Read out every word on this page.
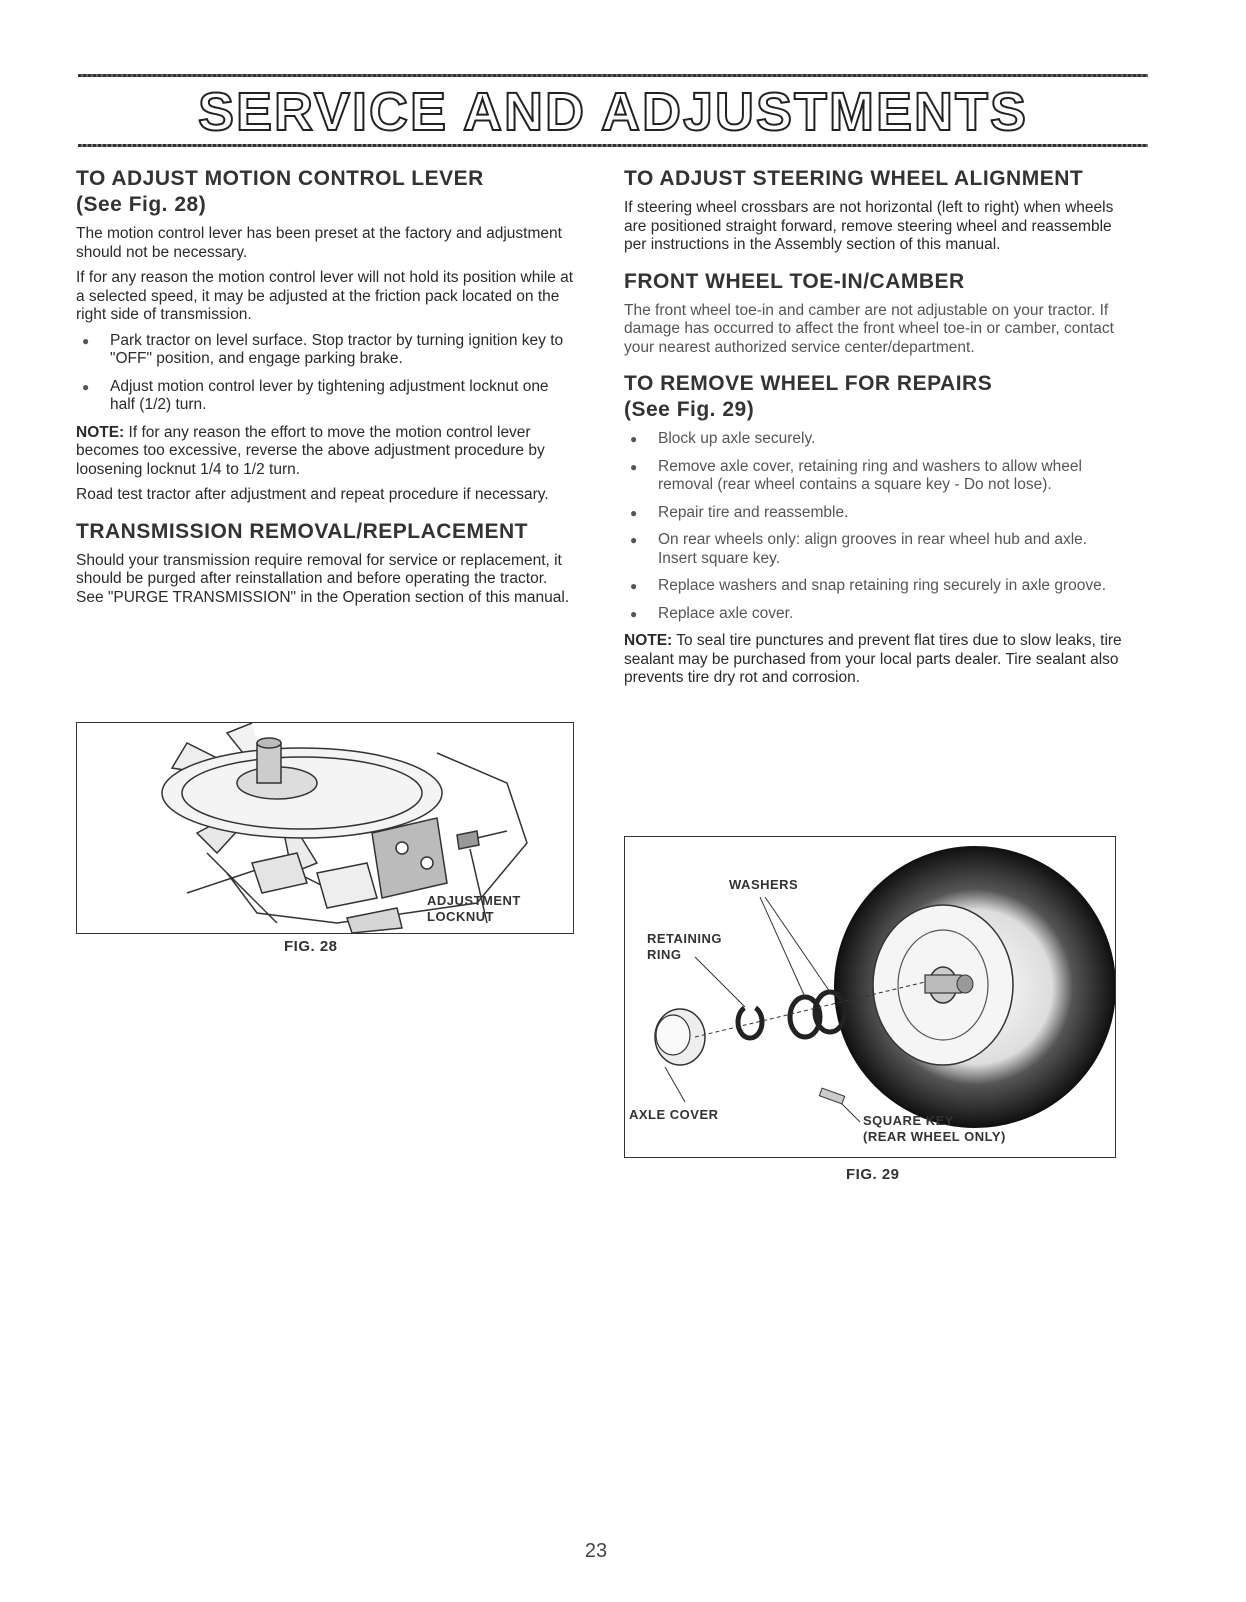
SERVICE AND ADJUSTMENTS
TO ADJUST MOTION CONTROL LEVER
(See Fig. 28)

The motion control lever has been preset at the factory and adjustment should not be necessary.

If for any reason the motion control lever will not hold its position while at a selected speed, it may be adjusted at the friction pack located on the right side of transmission.

● Park tractor on level surface. Stop tractor by turning ignition key to "OFF" position, and engage parking brake.
● Adjust motion control lever by tightening adjustment locknut one half (1/2) turn.

NOTE: If for any reason the effort to move the motion control lever becomes too excessive, reverse the above adjustment procedure by loosening locknut 1/4 to 1/2 turn.

Road test tractor after adjustment and repeat procedure if necessary.

TRANSMISSION REMOVAL/REPLACEMENT

Should your transmission require removal for service or replacement, it should be purged after reinstallation and before operating the tractor. See "PURGE TRANSMISSION" in the Operation section of this manual.

ADJUSTMENT
LOCKNUT
FIG. 28
TO ADJUST STEERING WHEEL ALIGNMENT

If steering wheel crossbars are not horizontal (left to right) when wheels are positioned straight forward, remove steering wheel and reassemble per instructions in the Assembly section of this manual.

FRONT WHEEL TOE-IN/CAMBER

The front wheel toe-in and camber are not adjustable on your tractor. If damage has occurred to affect the front wheel toe-in or camber, contact your nearest authorized service center/department.

TO REMOVE WHEEL FOR REPAIRS
(See Fig. 29)
● Block up axle securely.
● Remove axle cover, retaining ring and washers to allow wheel removal (rear wheel contains a square key - Do not lose).
● Repair tire and reassemble.
● On rear wheels only: align grooves in rear wheel hub and axle. Insert square key.
● Replace washers and snap retaining ring securely in axle groove.
● Replace axle cover.

NOTE: To seal tire punctures and prevent flat tires due to slow leaks, tire sealant may be purchased from your local parts dealer. Tire sealant also prevents tire dry rot and corrosion.

WASHERS
RETAINING
RING
AXLE COVER	SQUARE KEY
(REAR WHEEL ONLY)
FIG. 29
23
